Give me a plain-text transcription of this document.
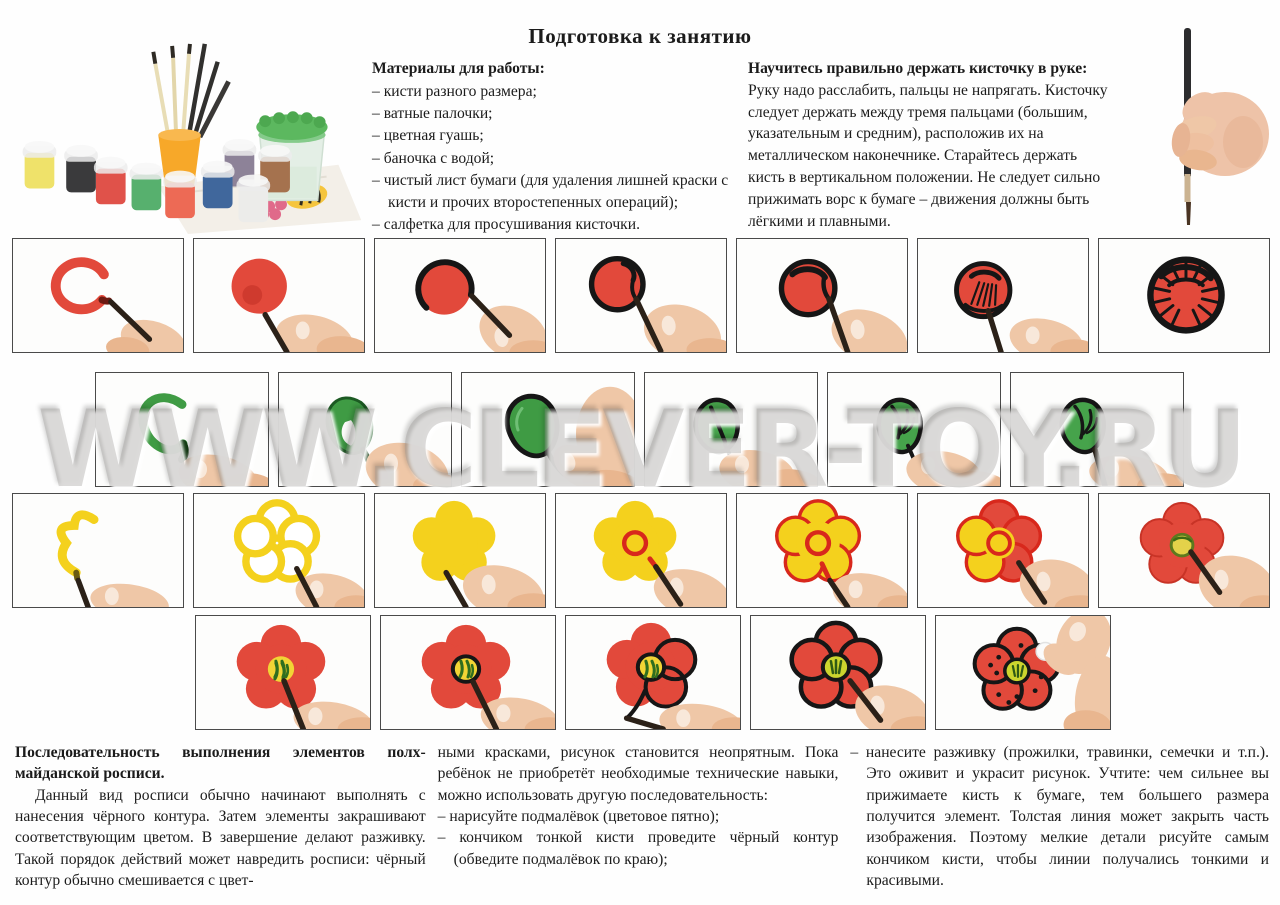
Подготовка к занятию
Материалы для работы:
– кисти разного размера;
– ватные палочки;
– цветная гуашь;
– баночка с водой;
– чистый лист бумаги (для удаления лишней краски с кисти и прочих второстепенных операций);
– салфетка для просушивания кисточки.
Научитесь правильно держать кисточку в руке:
Руку надо расслабить, пальцы не напрягать. Кисточку следует держать между тремя пальцами (большим, указательным и средним), расположив их на металлическом наконечнике. Старайтесь держать кисть в вертикальном положении. Не следует сильно прижимать ворс к бумаге – движения должны быть лёгкими и плавными.
WWW.CLEVER-TOY.RU

Последовательность выполнения элементов полх-майданской росписи.

Данный вид росписи обычно начинают выполнять с нанесения чёрного контура. Затем элементы закрашивают соответствующим цветом. В завершение делают разживку. Такой порядок действий может навредить росписи: чёрный контур обычно смешивается с цвет-

ными красками, рисунок становится неопрятным. Пока ребёнок не приобретёт необходимые технические навыки, можно использовать другую последовательность:

– нарисуйте подмалёвок (цветовое пятно);
– кончиком тонкой кисти проведите чёрный контур (обведите подмалёвок по краю);
– нанесите разживку (прожилки, травинки, семечки и т.п.). Это оживит и украсит рисунок. Учтите: чем сильнее вы прижимаете кисть к бумаге, тем большего размера получится элемент. Толстая линия может закрыть часть изображения. Поэтому мелкие детали рисуйте самым кончиком кисти, чтобы линии получались тонкими и красивыми.
